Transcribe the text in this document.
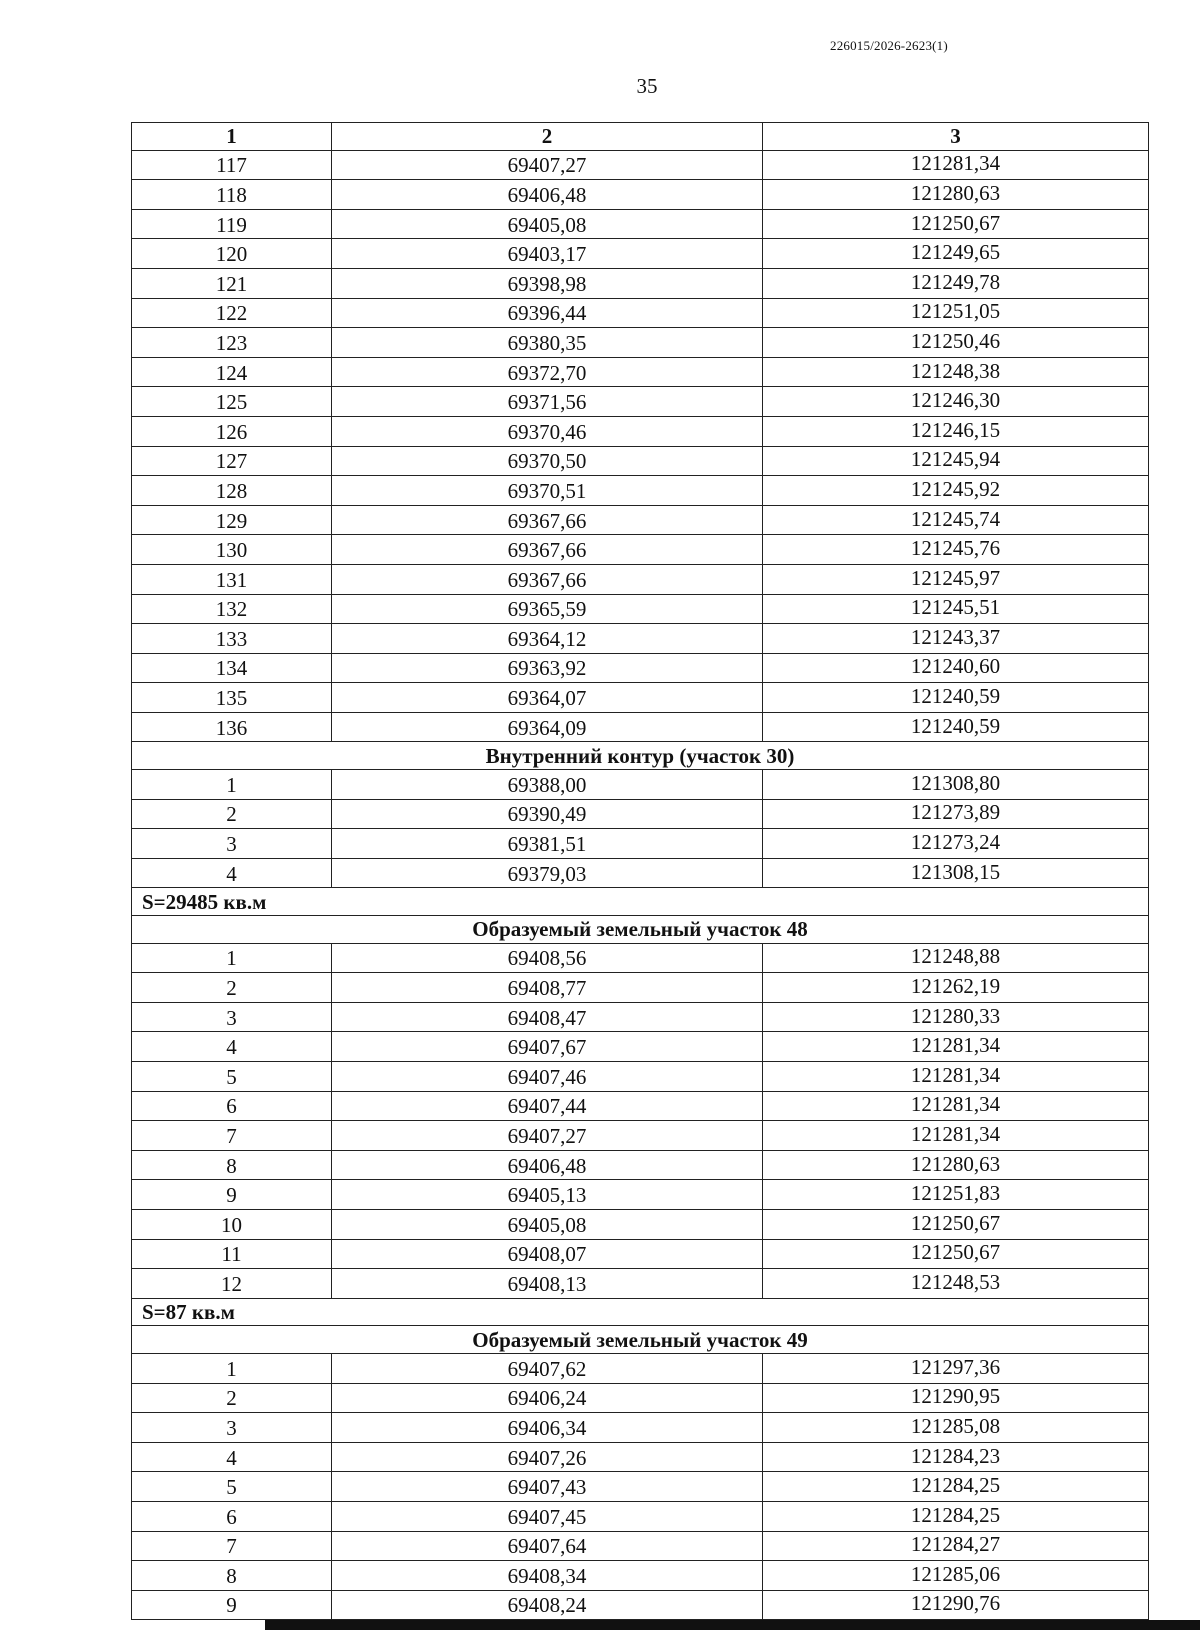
226015/2026-2623(1)
35
1	2	3
117	69407,27	121281,34
118	69406,48	121280,63
119	69405,08	121250,67
120	69403,17	121249,65
121	69398,98	121249,78
122	69396,44	121251,05
123	69380,35	121250,46
124	69372,70	121248,38
125	69371,56	121246,30
126	69370,46	121246,15
127	69370,50	121245,94
128	69370,51	121245,92
129	69367,66	121245,74
130	69367,66	121245,76
131	69367,66	121245,97
132	69365,59	121245,51
133	69364,12	121243,37
134	69363,92	121240,60
135	69364,07	121240,59
136	69364,09	121240,59
Внутренний контур (участок 30)		
1	69388,00	121308,80
2	69390,49	121273,89
3	69381,51	121273,24
4	69379,03	121308,15
S=29485 кв.м		
Образуемый земельный участок 48		
1	69408,56	121248,88
2	69408,77	121262,19
3	69408,47	121280,33
4	69407,67	121281,34
5	69407,46	121281,34
6	69407,44	121281,34
7	69407,27	121281,34
8	69406,48	121280,63
9	69405,13	121251,83
10	69405,08	121250,67
11	69408,07	121250,67
12	69408,13	121248,53
S=87 кв.м		
Образуемый земельный участок 49		
1	69407,62	121297,36
2	69406,24	121290,95
3	69406,34	121285,08
4	69407,26	121284,23
5	69407,43	121284,25
6	69407,45	121284,25
7	69407,64	121284,27
8	69408,34	121285,06
9	69408,24	121290,76
